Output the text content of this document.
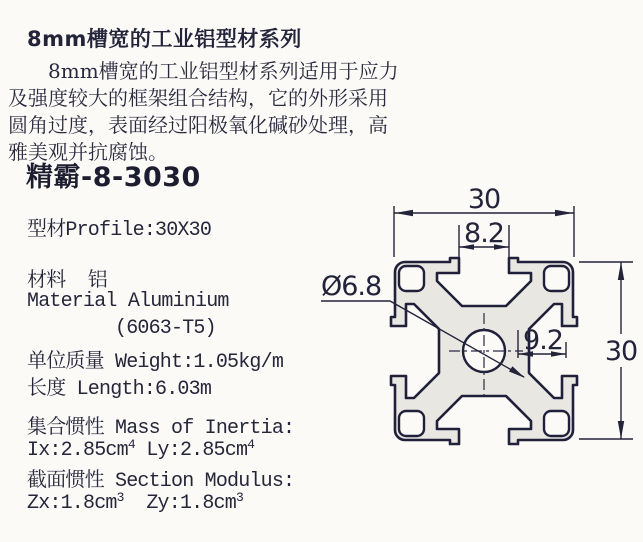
8mm槽宽的工业铝型材系列
8mm槽宽的工业铝型材系列适用于应力
及强度较大的框架组合结构，它的外形采用
圆角过度，表面经过阳极氧化碱砂处理，高
雅美观并抗腐蚀。
精霸-8-3030
型材Profile:30X30
材料  铝
Material Aluminium
(6063-T5)
单位质量 Weight:1.05kg/m
长度 Length:6.03m
集合惯性 Mass of Inertia:
$Ix:2.85cm^4$ $Ly:2.85cm^4$
截面惯性 Section Modulus:
$Zx:1.8cm^3$  $Zy:1.8cm^3$
30
8.2
9.2 30
Ø6.8
